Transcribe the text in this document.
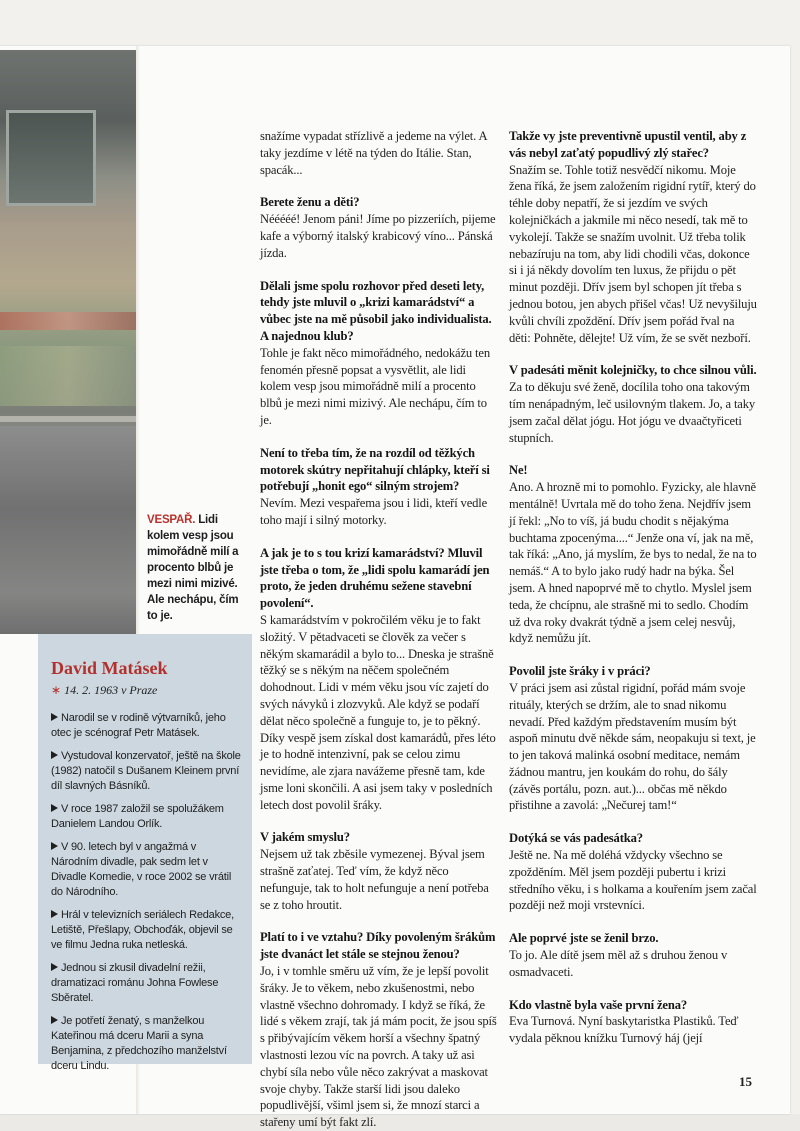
VESPAŘ. Lidi kolem vesp jsou mimořádně milí a procento blbů je mezi nimi mizivé. Ale nechápu, čím to je.
David Matásek
∗ 14. 2. 1963 v Praze
Narodil se v rodině výtvarníků, jeho otec je scénograf Petr Matásek.
Vystudoval konzervatoř, ještě na škole (1982) natočil s Dušanem Kleinem první díl slavných Básníků.
V roce 1987 založil se spolužákem Danielem Landou Orlík.
V 90. letech byl v angažmá v Národním divadle, pak sedm let v Divadle Komedie, v roce 2002 se vrátil do Národního.
Hrál v televizních seriálech Redakce, Letiště, Přešlapy, Obchoďák, objevil se ve filmu Jedna ruka netleská.
Jednou si zkusil divadelní režii, dramatizaci románu Johna Fowlese Sběratel.
Je potřetí ženatý, s manželkou Kateřinou má dceru Marii a syna Benjamina, z předchozího manželství dceru Lindu.

snažíme vypadat střízlivě a jedeme na výlet. A taky jezdíme v létě na týden do Itálie. Stan, spacák...

Berete ženu a děti?

Nééééé! Jenom páni! Jíme po pizzeriích, pijeme kafe a výborný italský krabicový víno... Pánská jízda.

Dělali jsme spolu rozhovor před deseti lety, tehdy jste mluvil o „krizi kamarádství“ a vůbec jste na mě působil jako individualista. A najednou klub?

Tohle je fakt něco mimořádného, nedokážu ten fenomén přesně popsat a vysvětlit, ale lidi kolem vesp jsou mimořádně milí a procento blbů je mezi nimi mizivý. Ale nechápu, čím to je.

Není to třeba tím, že na rozdíl od těžkých motorek skútry nepřitahují chlápky, kteří si potřebují „honit ego“ silným strojem?

Nevím. Mezi vespařema jsou i lidi, kteří vedle toho mají i silný motorky.

A jak je to s tou krizí kamarádství? Mluvil jste třeba o tom, že „lidi spolu kamarádí jen proto, že jeden druhému sežene stavební povolení“.

S kamarádstvím v pokročilém věku je to fakt složitý. V pětadvaceti se člověk za večer s někým skamarádil a bylo to... Dneska je strašně těžký se s někým na něčem společném dohodnout. Lidi v mém věku jsou víc zajetí do svých návyků i zlozvyků. Ale když se podaří dělat něco společně a funguje to, je to pěkný. Díky vespě jsem získal dost kamarádů, přes léto je to hodně intenzivní, pak se celou zimu nevidíme, ale zjara navážeme přesně tam, kde jsme loni skončili. A asi jsem taky v posledních letech dost povolil šráky.

V jakém smyslu?

Nejsem už tak zběsile vymezenej. Býval jsem strašně zaťatej. Teď vím, že když něco nefunguje, tak to holt nefunguje a není potřeba se z toho hroutit.

Platí to i ve vztahu? Díky povoleným šrákům jste dvanáct let stále se stejnou ženou?

Jo, i v tomhle směru už vím, že je lepší povolit šráky. Je to věkem, nebo zkušenostmi, nebo vlastně všechno dohromady. I když se říká, že lidé s věkem zrají, tak já mám pocit, že jsou spíš s přibývajícím věkem horší a všechny špatný vlastnosti lezou víc na povrch. A taky už asi chybí síla nebo vůle něco zakrývat a maskovat svoje chyby. Takže starší lidi jsou daleko popudlivější, všiml jsem si, že mnozí starci a stařeny umí být fakt zlí.

Takže vy jste preventivně upustil ventil, aby z vás nebyl zaťatý popudlivý zlý stařec?

Snažím se. Tohle totiž nesvědčí nikomu. Moje žena říká, že jsem založením rigidní rytíř, který do téhle doby nepatří, že si jezdím ve svých kolejničkách a jakmile mi něco nesedí, tak mě to vykolejí. Takže se snažím uvolnit. Už třeba tolik nebazíruju na tom, aby lidi chodili včas, dokonce si i já někdy dovolím ten luxus, že přijdu o pět minut později. Dřív jsem byl schopen jít třeba s jednou botou, jen abych přišel včas! Už nevyšiluju kvůli chvíli zpoždění. Dřív jsem pořád řval na děti: Pohněte, dělejte! Už vím, že se svět nezboří.

V padesáti měnit kolejničky, to chce silnou vůli.

Za to děkuju své ženě, docílila toho ona takovým tím nenápadným, leč usilovným tlakem. Jo, a taky jsem začal dělat jógu. Hot jógu ve dvaačtyřiceti stupních.

Ne!

Ano. A hrozně mi to pomohlo. Fyzicky, ale hlavně mentálně! Uvrtala mě do toho žena. Nejdřív jsem jí řekl: „No to víš, já budu chodit s nějakýma buchtama zpocenýma....“ Jenže ona ví, jak na mě, tak říká: „Ano, já myslím, že bys to nedal, že na to nemáš.“ A to bylo jako rudý hadr na býka. Šel jsem. A hned napoprvé mě to chytlo. Myslel jsem teda, že chcípnu, ale strašně mi to sedlo. Chodím už dva roky dvakrát týdně a jsem celej nesvůj, když nemůžu jít.

Povolil jste šráky i v práci?

V práci jsem asi zůstal rigidní, pořád mám svoje rituály, kterých se držím, ale to snad nikomu nevadí. Před každým představením musím být aspoň minutu dvě někde sám, neopakuju si text, je to jen taková malinká osobní meditace, nemám žádnou mantru, jen koukám do rohu, do šály (závěs portálu, pozn. aut.)... občas mě někdo přistihne a zavolá: „Nečurej tam!“

Dotýká se vás padesátka?

Ještě ne. Na mě doléhá vždycky všechno se zpožděním. Měl jsem později pubertu i krizi středního věku, i s holkama a kouřením jsem začal později než moji vrstevníci.

Ale poprvé jste se ženil brzo.

To jo. Ale dítě jsem měl až s druhou ženou v osmadvaceti.

Kdo vlastně byla vaše první žena?

Eva Turnová. Nyní baskytaristka Plastiků. Teď vydala pěknou knížku Turnový háj (její

15
